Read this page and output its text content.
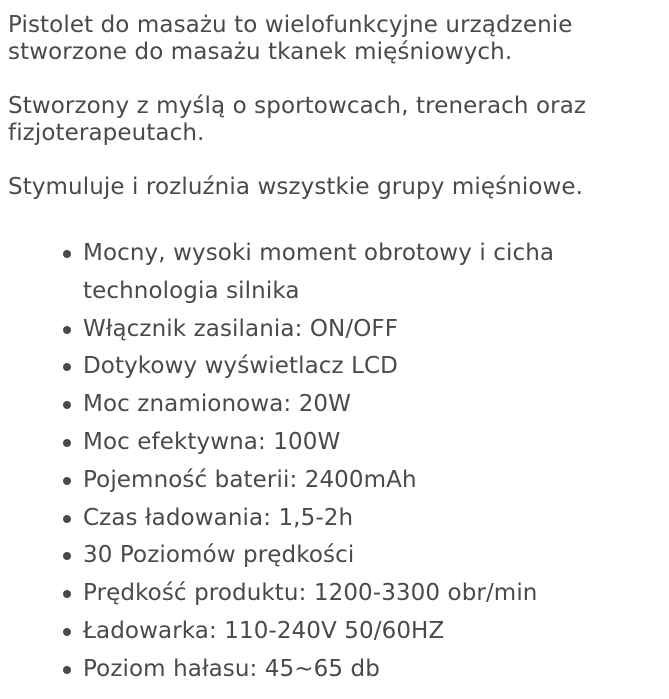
Pistolet do masażu to wielofunkcyjne urządzenie stworzone do masażu tkanek mięśniowych.

Stworzony z myślą o sportowcach, trenerach oraz fizjoterapeutach.

Stymuluje i rozluźnia wszystkie grupy mięśniowe.

Mocny, wysoki moment obrotowy i cicha technologia silnika
Włącznik zasilania: ON/OFF
Dotykowy wyświetlacz LCD
Moc znamionowa: 20W
Moc efektywna: 100W
Pojemność baterii: 2400mAh
Czas ładowania: 1,5-2h
30 Poziomów prędkości
Prędkość produktu: 1200-3300 obr/min
Ładowarka: 110-240V 50/60HZ
Poziom hałasu: 45~65 db
